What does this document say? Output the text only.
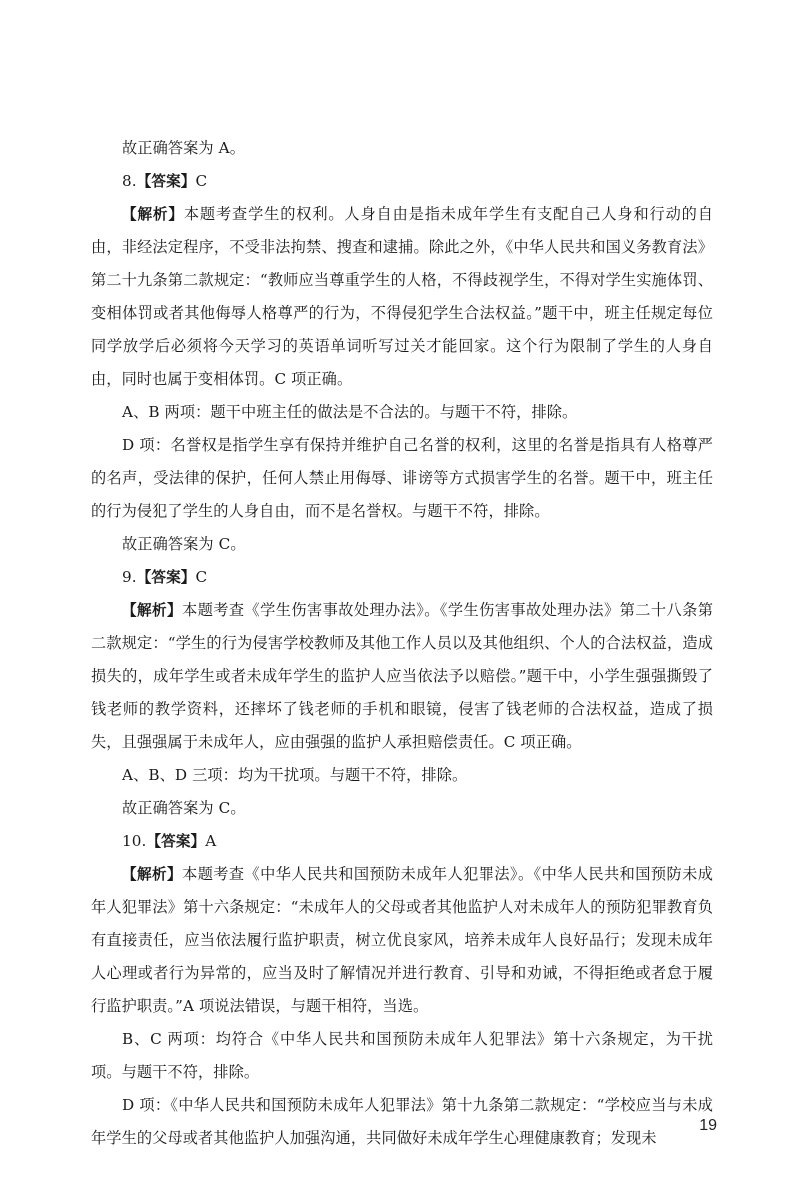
故正确答案为 A。

8.【答案】C

【解析】本题考查学生的权利。人身自由是指未成年学生有支配自己人身和行动的自由，非经法定程序，不受非法拘禁、搜查和逮捕。除此之外，《中华人民共和国义务教育法》第二十九条第二款规定：“教师应当尊重学生的人格，不得歧视学生，不得对学生实施体罚、变相体罚或者其他侮辱人格尊严的行为，不得侵犯学生合法权益。”题干中，班主任规定每位同学放学后必须将今天学习的英语单词听写过关才能回家。这个行为限制了学生的人身自由，同时也属于变相体罚。C 项正确。

A、B 两项：题干中班主任的做法是不合法的。与题干不符，排除。

D 项：名誉权是指学生享有保持并维护自己名誉的权利，这里的名誉是指具有人格尊严的名声，受法律的保护，任何人禁止用侮辱、诽谤等方式损害学生的名誉。题干中，班主任的行为侵犯了学生的人身自由，而不是名誉权。与题干不符，排除。

故正确答案为 C。

9.【答案】C

【解析】本题考查《学生伤害事故处理办法》。《学生伤害事故处理办法》第二十八条第二款规定：“学生的行为侵害学校教师及其他工作人员以及其他组织、个人的合法权益，造成损失的，成年学生或者未成年学生的监护人应当依法予以赔偿。”题干中，小学生强强撕毁了钱老师的教学资料，还摔坏了钱老师的手机和眼镜，侵害了钱老师的合法权益，造成了损失，且强强属于未成年人，应由强强的监护人承担赔偿责任。C 项正确。

A、B、D 三项：均为干扰项。与题干不符，排除。

故正确答案为 C。

10.【答案】A

【解析】本题考查《中华人民共和国预防未成年人犯罪法》。《中华人民共和国预防未成年人犯罪法》第十六条规定：“未成年人的父母或者其他监护人对未成年人的预防犯罪教育负有直接责任，应当依法履行监护职责，树立优良家风，培养未成年人良好品行；发现未成年人心理或者行为异常的，应当及时了解情况并进行教育、引导和劝诫，不得拒绝或者怠于履行监护职责。”A 项说法错误，与题干相符，当选。

B、C 两项：均符合《中华人民共和国预防未成年人犯罪法》第十六条规定，为干扰项。与题干不符，排除。

D 项：《中华人民共和国预防未成年人犯罪法》第十九条第二款规定：“学校应当与未成年学生的父母或者其他监护人加强沟通，共同做好未成年学生心理健康教育；发现未

19
